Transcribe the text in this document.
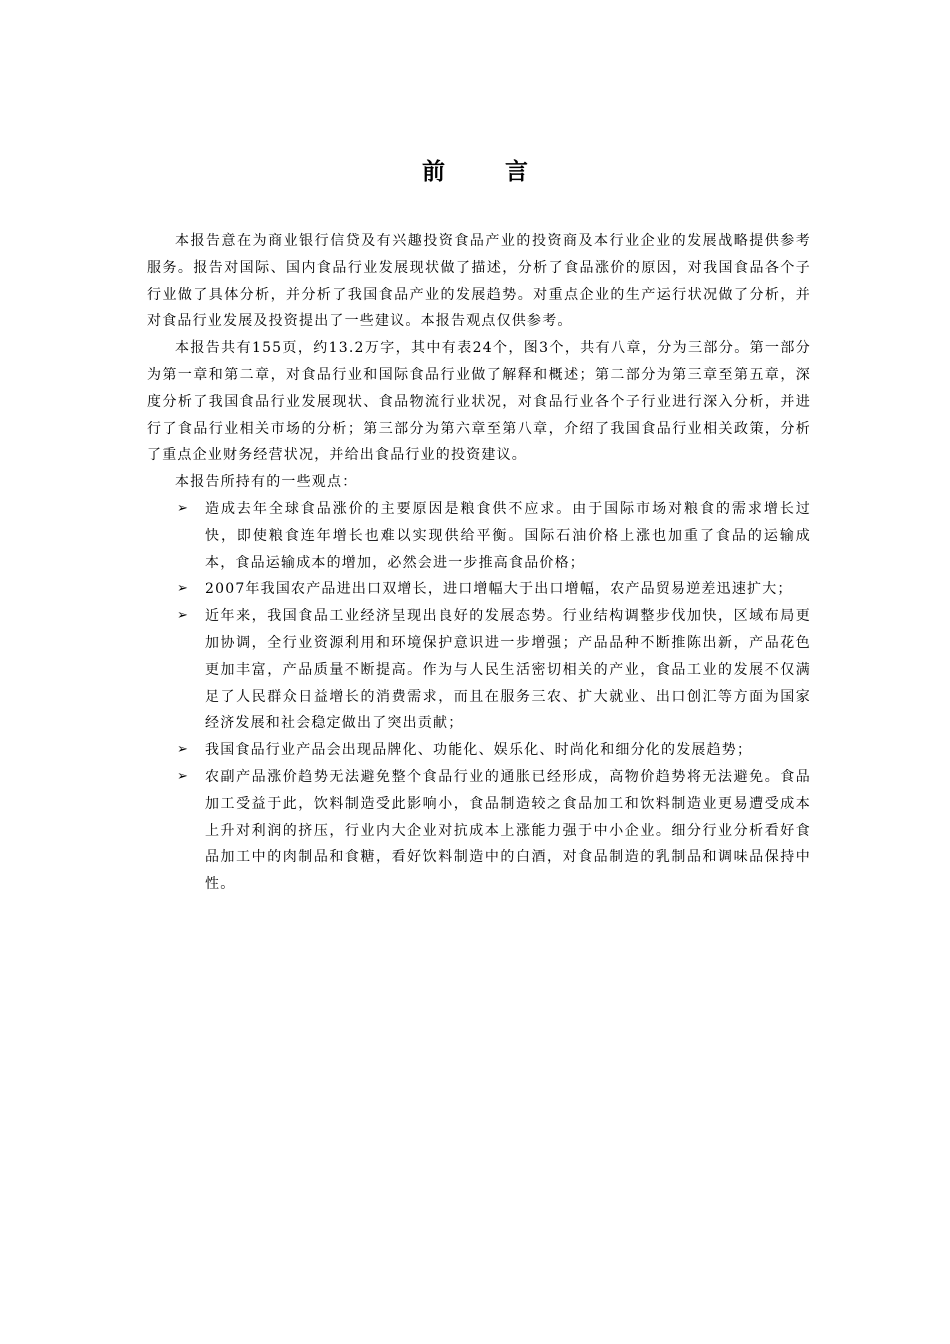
前 言

本报告意在为商业银行信贷及有兴趣投资食品产业的投资商及本行业企业的发展战略提供参考服务。报告对国际、国内食品行业发展现状做了描述，分析了食品涨价的原因，对我国食品各个子行业做了具体分析，并分析了我国食品产业的发展趋势。对重点企业的生产运行状况做了分析，并对食品行业发展及投资提出了一些建议。本报告观点仅供参考。

本报告共有155页，约13.2万字，其中有表24个，图3个，共有八章，分为三部分。第一部分为第一章和第二章，对食品行业和国际食品行业做了解释和概述；第二部分为第三章至第五章，深度分析了我国食品行业发展现状、食品物流行业状况，对食品行业各个子行业进行深入分析，并进行了食品行业相关市场的分析；第三部分为第六章至第八章，介绍了我国食品行业相关政策，分析了重点企业财务经营状况，并给出食品行业的投资建议。

本报告所持有的一些观点：

➢ 造成去年全球食品涨价的主要原因是粮食供不应求。由于国际市场对粮食的需求增长过快，即使粮食连年增长也难以实现供给平衡。国际石油价格上涨也加重了食品的运输成本，食品运输成本的增加，必然会进一步推高食品价格；
➢ 2007年我国农产品进出口双增长，进口增幅大于出口增幅，农产品贸易逆差迅速扩大；
➢ 近年来，我国食品工业经济呈现出良好的发展态势。行业结构调整步伐加快，区域布局更加协调，全行业资源利用和环境保护意识进一步增强；产品品种不断推陈出新，产品花色更加丰富，产品质量不断提高。作为与人民生活密切相关的产业，食品工业的发展不仅满足了人民群众日益增长的消费需求，而且在服务三农、扩大就业、出口创汇等方面为国家经济发展和社会稳定做出了突出贡献；
➢ 我国食品行业产品会出现品牌化、功能化、娱乐化、时尚化和细分化的发展趋势；
➢ 农副产品涨价趋势无法避免整个食品行业的通胀已经形成，高物价趋势将无法避免。食品加工受益于此，饮料制造受此影响小，食品制造较之食品加工和饮料制造业更易遭受成本上升对利润的挤压，行业内大企业对抗成本上涨能力强于中小企业。细分行业分析看好食品加工中的肉制品和食糖，看好饮料制造中的白酒，对食品制造的乳制品和调味品保持中性。
